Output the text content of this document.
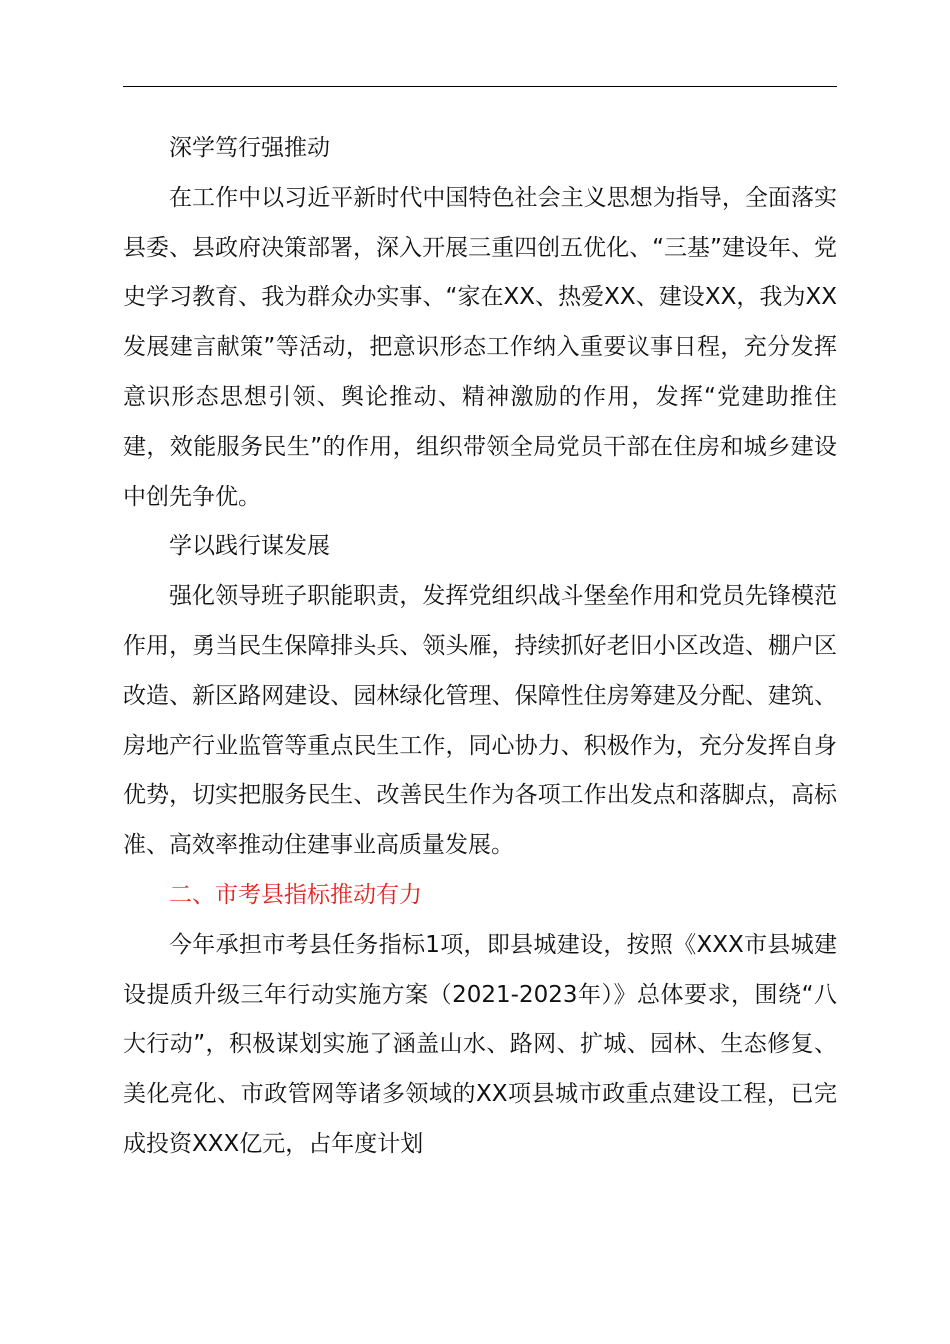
深学笃行强推动

在工作中以习近平新时代中国特色社会主义思想为指导，全面落实县委、县政府决策部署，深入开展三重四创五优化、“三基”建设年、党史学习教育、我为群众办实事、“家在XX、热爱XX、建设XX，我为XX发展建言献策”等活动，把意识形态工作纳入重要议事日程，充分发挥意识形态思想引领、舆论推动、精神激励的作用，发挥“党建助推住建，效能服务民生”的作用，组织带领全局党员干部在住房和城乡建设中创先争优。

学以践行谋发展

强化领导班子职能职责，发挥党组织战斗堡垒作用和党员先锋模范作用，勇当民生保障排头兵、领头雁，持续抓好老旧小区改造、棚户区改造、新区路网建设、园林绿化管理、保障性住房筹建及分配、建筑、房地产行业监管等重点民生工作，同心协力、积极作为，充分发挥自身优势，切实把服务民生、改善民生作为各项工作出发点和落脚点，高标准、高效率推动住建事业高质量发展。

二、市考县指标推动有力

今年承担市考县任务指标1项，即县城建设，按照《XXX市县城建设提质升级三年行动实施方案（2021-2023年）》总体要求，围绕“八大行动”，积极谋划实施了涵盖山水、路网、扩城、园林、生态修复、美化亮化、市政管网等诸多领域的XX项县城市政重点建设工程，已完成投资XXX亿元，占年度计划
